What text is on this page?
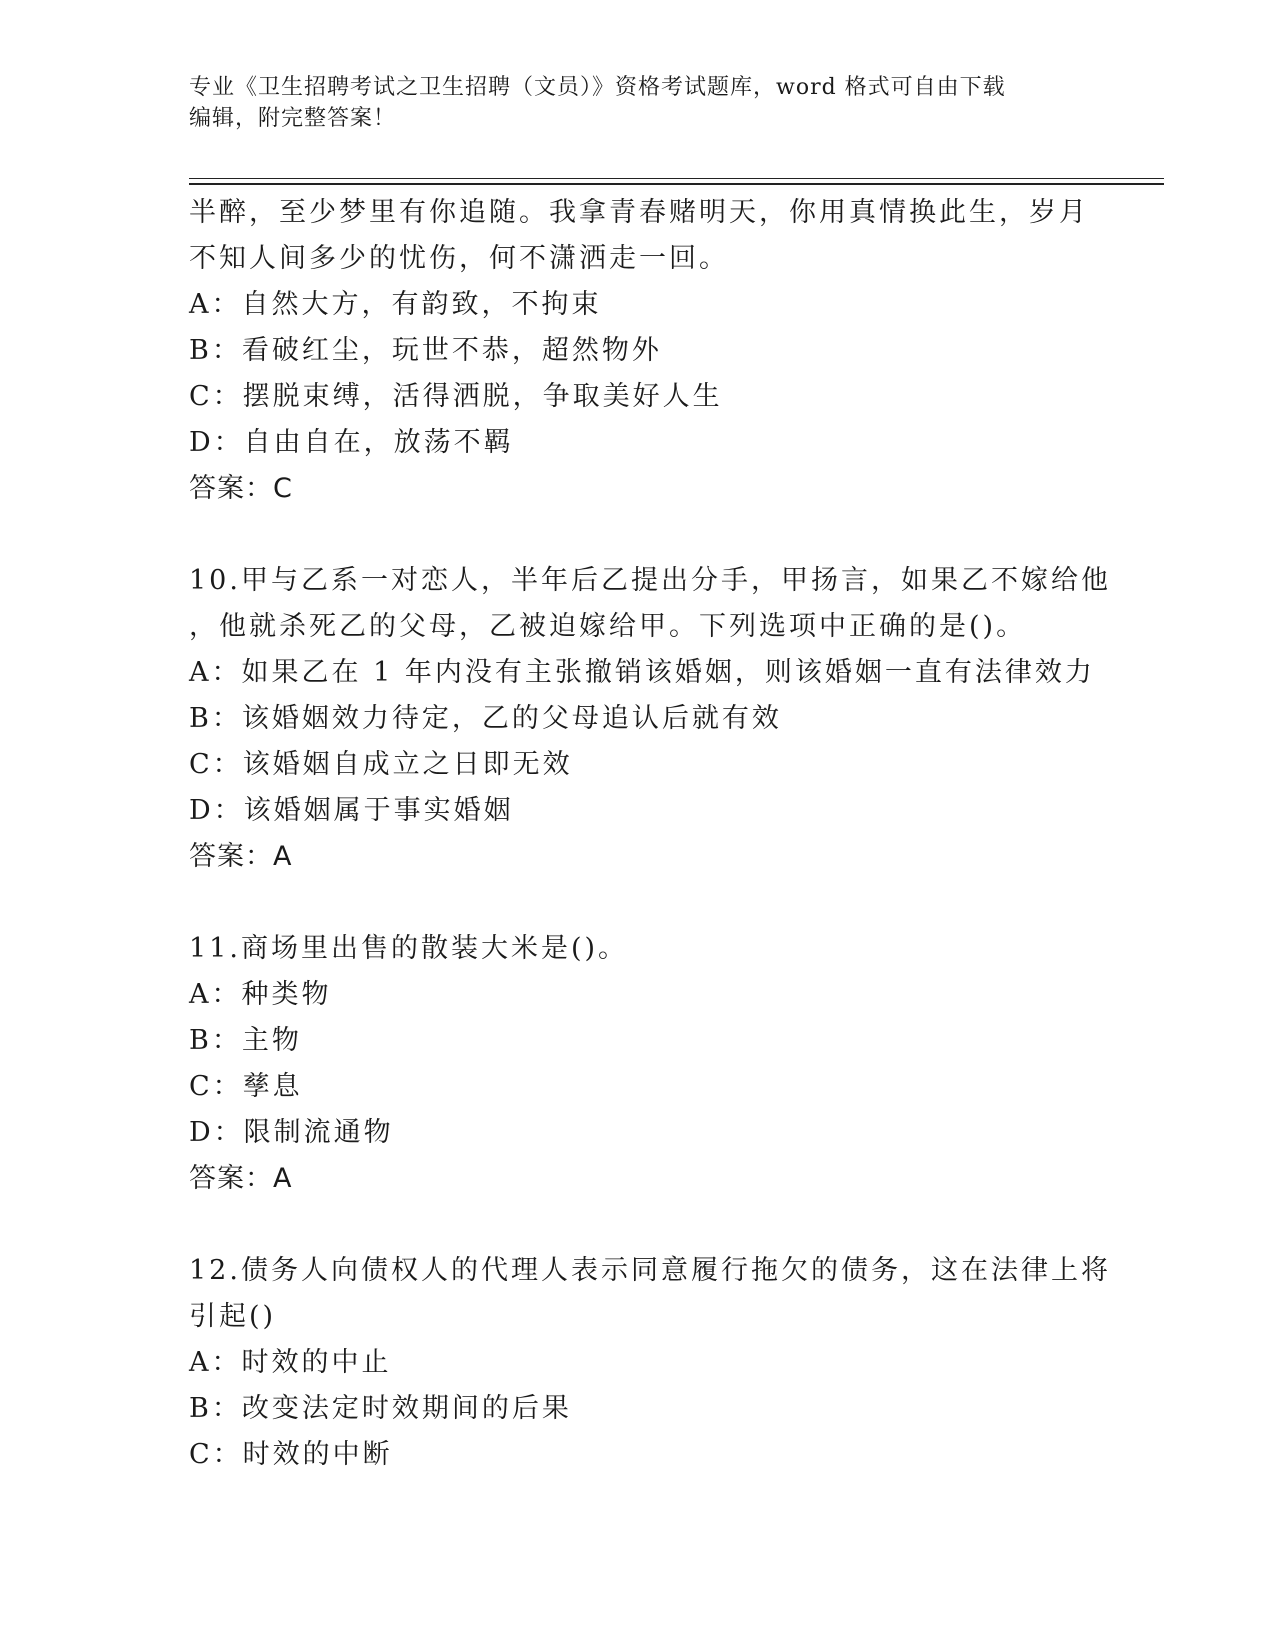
专业《卫生招聘考试之卫生招聘（文员）》资格考试题库，word 格式可自由下载
编辑，附完整答案！
半醉，至少梦里有你追随。我拿青春赌明天，你用真情换此生，岁月
不知人间多少的忧伤，何不潇洒走一回。
A：自然大方，有韵致，不拘束
B：看破红尘，玩世不恭，超然物外
C：摆脱束缚，活得洒脱，争取美好人生
D：自由自在，放荡不羁
答案：C
10.甲与乙系一对恋人，半年后乙提出分手，甲扬言，如果乙不嫁给他
，他就杀死乙的父母，乙被迫嫁给甲。下列选项中正确的是()。
A：如果乙在 1 年内没有主张撤销该婚姻，则该婚姻一直有法律效力
B：该婚姻效力待定，乙的父母追认后就有效
C：该婚姻自成立之日即无效
D：该婚姻属于事实婚姻
答案：A
11.商场里出售的散装大米是()。
A：种类物
B：主物
C：孳息
D：限制流通物
答案：A
12.债务人向债权人的代理人表示同意履行拖欠的债务，这在法律上将
引起()
A：时效的中止
B：改变法定时效期间的后果
C：时效的中断
